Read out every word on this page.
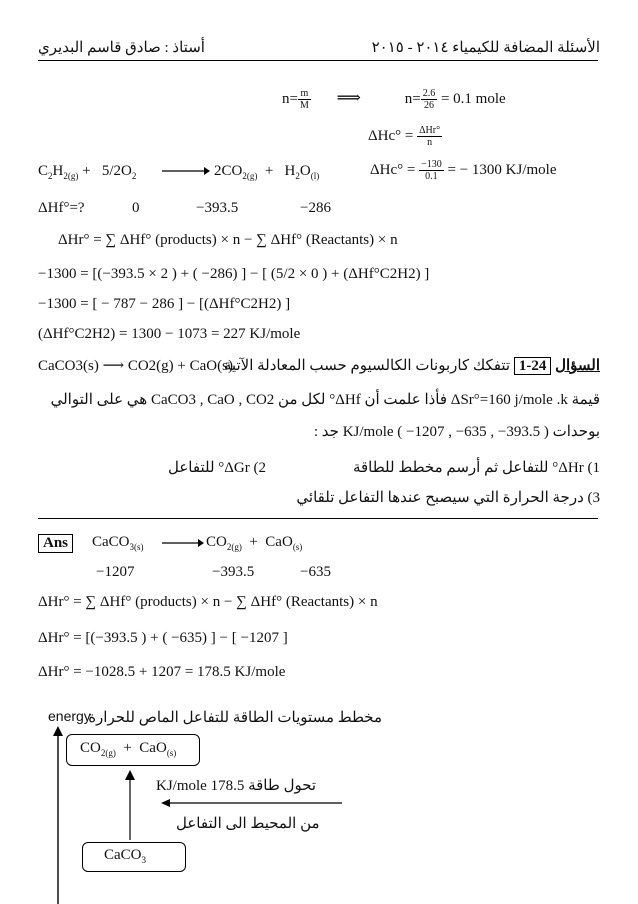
الأسئلة المضافة للكيمياء ٢٠١٤ - ٢٠١٥
أستاذ : صادق قاسم البديري
$n= \frac{m}{M}$ ⟹	$n= \frac{2.6}{26} = 0.1$ mole
$\Delta Hc^\circ = \frac{\text{ΔHr°}}{n}$
$C_2H_{2(g)} + 5/2O_2 \to 2CO_{2(g)} + H_2O_{(l)}$	$\Delta Hc^\circ = \frac{-130}{0.1}$ = − 1300 KJ/mole
ΔHf°=?	0	−393.5	−286
ΔHr° = ∑ ΔHf° (products) × n − ∑ ΔHf° (Reactants) × n
−1300 = [(−393.5 × 2 ) + ( −286) ] − [ (5/2 × 0 ) + (ΔHf°C2H2) ]
−1300 = [ − 787 − 286 ] − [(ΔHf°C2H2) ]
(ΔHf°C2H2) = 1300 − 1073 = 227 KJ/mole
CaCO3(s) ⟶ CO2(g) + CaO(s)	السؤال 24-1 تتفكك كاربونات الكالسيوم حسب المعادلة الآتية
قيمة ΔSr°=160 j/mole .k فأذا علمت أن ΔHf° لكل من CaCO3 , CaO , CO2 هي على التوالي
بوحدات KJ/mole ( −1207 , −635 , −393.5 ) جد :
1) ΔHr° للتفاعل ثم أرسم مخطط للطاقة
2) ΔGr° للتفاعل
3) درجة الحرارة التي سيصبح عندها التفاعل تلقائي
Ans	CaCO$_{3(s)}$	$CO_{2(g)} + CaO_{(s)}$
−1207	−393.5	−635
ΔHr° = ∑ ΔHf° (products) × n − ∑ ΔHf° (Reactants) × n
ΔHr° = [(−393.5 ) + ( −635) ] − [ −1207 ]
ΔHr° = −1028.5 + 1207 = 178.5 KJ/mole
energy
مخطط مستويات الطاقة للتفاعل الماص للحرارة
$CO_{2(g)} + CaO_{(s)}$
KJ/mole 178.5 تحول طاقة
من المحيط الى التفاعل
CaCO$_3$
